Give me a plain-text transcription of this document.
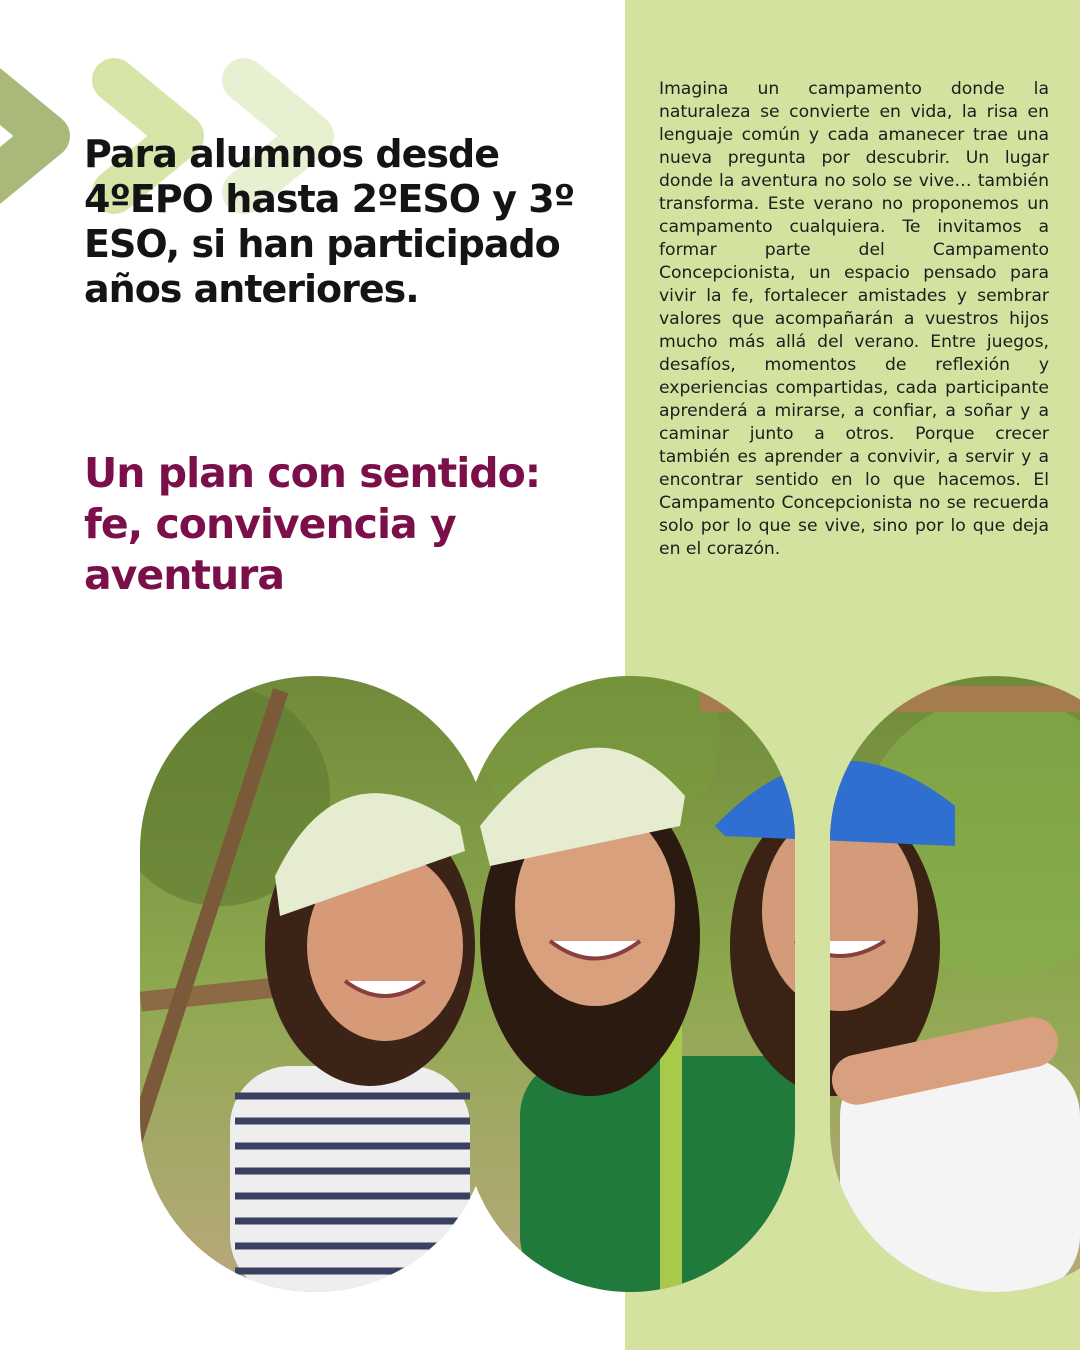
Para alumnos desde 4ºEPO hasta 2ºESO y 3º ESO, si han participado años anteriores.
Un plan con sentido: fe, convivencia y aventura

Imagina un campamento donde la naturaleza se convierte en vida, la risa en lenguaje común y cada amanecer trae una nueva pregunta por descubrir. Un lugar donde la aventura no solo se vive… también transforma. Este verano no proponemos un campamento cualquiera. Te invitamos a formar parte del Campamento Concepcionista, un espacio pensado para vivir la fe, fortalecer amistades y sembrar valores que acompañarán a vuestros hijos mucho más allá del verano. Entre juegos, desafíos, momentos de reflexión y experiencias compartidas, cada participante aprenderá a mirarse, a confiar, a soñar y a caminar junto a otros. Porque crecer también es aprender a convivir, a servir y a encontrar sentido en lo que hacemos. El Campamento Concepcionista no se recuerda solo por lo que se vive, sino por lo que deja en el corazón.
